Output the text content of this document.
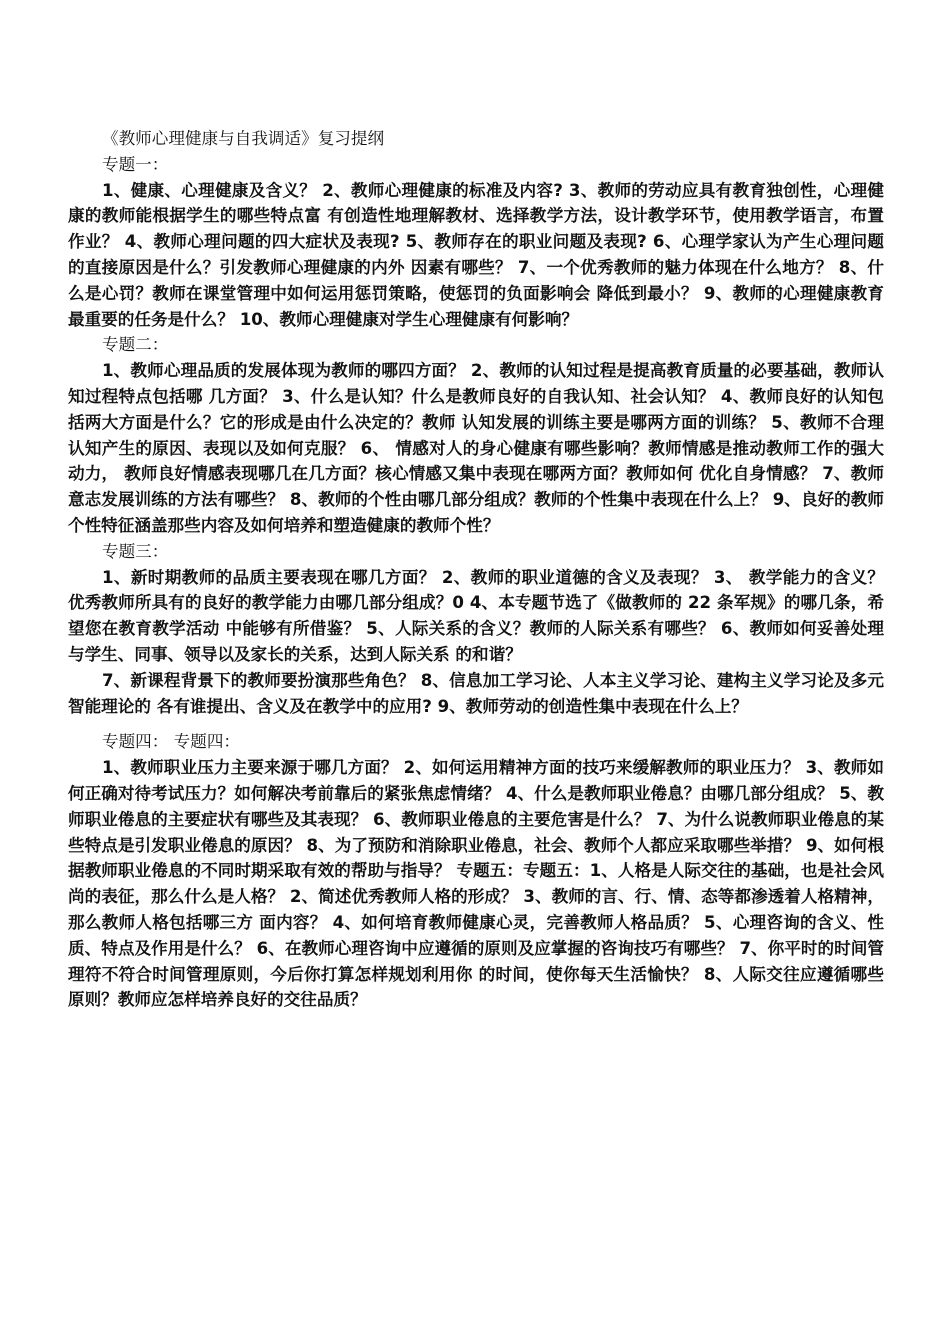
《教师心理健康与自我调适》复习提纲

专题一：

1、健康、心理健康及含义？ 2、教师心理健康的标准及内容? 3、教师的劳动应具有教育独创性，心理健康的教师能根据学生的哪些特点富 有创造性地理解教材、选择教学方法，设计教学环节，使用教学语言，布置作业？ 4、教师心理问题的四大症状及表现? 5、教师存在的职业问题及表现? 6、心理学家认为产生心理问题的直接原因是什么？引发教师心理健康的内外 因素有哪些？ 7、一个优秀教师的魅力体现在什么地方？ 8、什么是心罚？教师在课堂管理中如何运用惩罚策略，使惩罚的负面影响会 降低到最小？ 9、教师的心理健康教育最重要的任务是什么？ 10、教师心理健康对学生心理健康有何影响？

专题二：

1、教师心理品质的发展体现为教师的哪四方面？ 2、教师的认知过程是提高教育质量的必要基础，教师认知过程特点包括哪 几方面？ 3、什么是认知？什么是教师良好的自我认知、社会认知？ 4、教师良好的认知包括两大方面是什么？它的形成是由什么决定的？教师 认知发展的训练主要是哪两方面的训练？ 5、教师不合理认知产生的原因、表现以及如何克服？ 6、 情感对人的身心健康有哪些影响？教师情感是推动教师工作的强大动力， 教师良好情感表现哪几在几方面？核心情感又集中表现在哪两方面？教师如何 优化自身情感？ 7、教师意志发展训练的方法有哪些？ 8、教师的个性由哪几部分组成？教师的个性集中表现在什么上？ 9、良好的教师个性特征涵盖那些内容及如何培养和塑造健康的教师个性？

专题三：

1、新时期教师的品质主要表现在哪几方面？ 2、教师的职业道德的含义及表现？ 3、 教学能力的含义？优秀教师所具有的良好的教学能力由哪几部分组成？0 4、本专题节选了《做教师的 22 条军规》的哪几条，希望您在教育教学活动 中能够有所借鉴？ 5、人际关系的含义？教师的人际关系有哪些？ 6、教师如何妥善处理与学生、同事、领导以及家长的关系，达到人际关系 的和谐？

7、新课程背景下的教师要扮演那些角色？ 8、信息加工学习论、人本主义学习论、建构主义学习论及多元智能理论的 各有谁提出、含义及在教学中的应用? 9、教师劳动的创造性集中表现在什么上？

专题四： 专题四：

1、教师职业压力主要来源于哪几方面？ 2、如何运用精神方面的技巧来缓解教师的职业压力？ 3、教师如何正确对待考试压力？如何解决考前靠后的紧张焦虑情绪？ 4、什么是教师职业倦息？由哪几部分组成？ 5、教师职业倦息的主要症状有哪些及其表现？ 6、教师职业倦息的主要危害是什么？ 7、为什么说教师职业倦息的某些特点是引发职业倦息的原因？ 8、为了预防和消除职业倦息，社会、教师个人都应采取哪些举措？ 9、如何根据教师职业倦息的不同时期采取有效的帮助与指导？ 专题五：专题五：1、人格是人际交往的基础，也是社会风尚的表征，那么什么是人格？ 2、简述优秀教师人格的形成？ 3、教师的言、行、情、态等都渗透着人格精神，那么教师人格包括哪三方 面内容？ 4、如何培育教师健康心灵，完善教师人格品质？ 5、心理咨询的含义、性质、特点及作用是什么？ 6、在教师心理咨询中应遵循的原则及应掌握的咨询技巧有哪些？ 7、你平时的时间管理符不符合时间管理原则，今后你打算怎样规划利用你 的时间，使你每天生活愉快？ 8、人际交往应遵循哪些原则？教师应怎样培养良好的交往品质？
